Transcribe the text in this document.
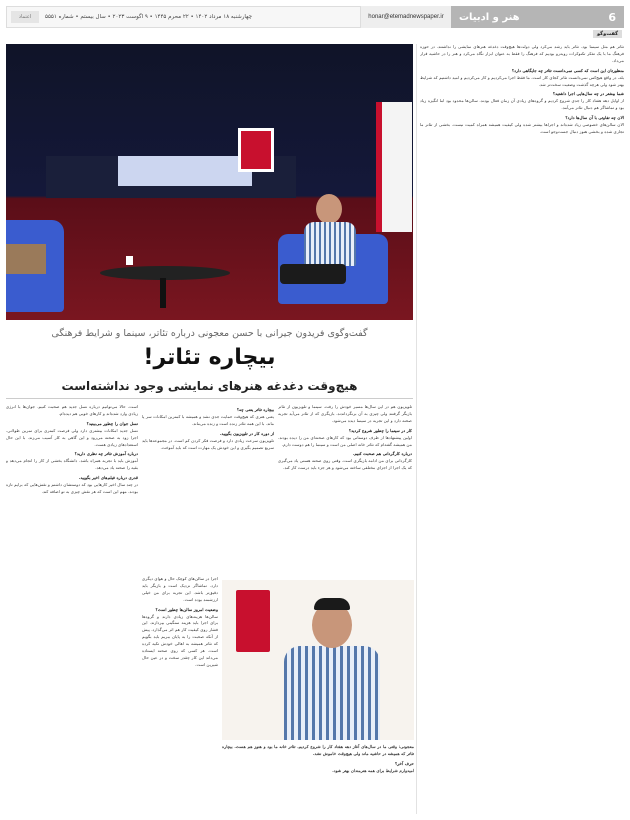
اعتماد	چهارشنبه ۱۸ مرداد ۱۴۰۲ • ۲۲ محرم ۱۴۴۵ • ۹ اگوست ۲۰۲۳ • سال بیستم • شماره ۵۵۵۱	honar@etemadnewspaper.ir	هنر و ادبیات	6
گفت‌وگو
تئاتر هم مثل سینما بود. تئاتر باید رشد می‌کرد ولی دولت‌ها هیچ‌وقت دغدغه هنرهای نمایشی را نداشتند. در حوزه فرهنگ ما با یک تفکر تکنوکرات روبه‌رو بودیم که فرهنگ را فقط به عنوان ابزار نگاه می‌کرد و هنر را در حاشیه قرار می‌داد.
منظورتان این است که کسی نمی‌دانست تئاتر چه جایگاهی دارد؟
بله، در واقع هیچ‌کس نمی‌دانست تئاتر کجای کار است. ما فقط اجرا می‌کردیم و کار می‌کردیم و امید داشتیم که شرایط بهتر شود ولی هرچه گذشت وضعیت سخت‌تر شد.
شما بیشتر در چه سال‌هایی اجرا داشتید؟
از اوایل دهه هفتاد کار را جدی شروع کردیم و گروه‌های زیادی آن زمان فعال بودند. سالن‌ها محدود بود اما انگیزه زیاد بود و تماشاگر هم دنبال تئاتر می‌آمد.
الان چه تفاوتی با آن سال‌ها دارد؟
الان سالن‌های خصوصی زیاد شده‌اند و اجراها بیشتر شده ولی کیفیت همیشه همراه کمیت نیست. بخشی از تئاتر ما تجاری شده و بخشی هنوز دنبال جست‌وجو است.
گفت‌وگوی فریدون جیرانی با حسن معجونی درباره تئاتر، سینما و شرایط فرهنگی
بیچاره تئاتر!
هیچ‌وقت دغدغه هنرهای نمایشی وجود نداشته‌است
تلویزیون هم در این سال‌ها مسیر خودش را رفت. سینما و تلویزیون از تئاتر بازیگر گرفتند ولی چیزی به آن برنگرداندند. بازیگری که از تئاتر می‌آید تجربه صحنه دارد و این تجربه در سینما دیده می‌شود.
کار در سینما را چطور شروع کردید؟
اولین پیشنهادها از طرف دوستانی بود که کارهای صحنه‌ای من را دیده بودند. من همیشه گفته‌ام که تئاتر خانه اصلی من است و سینما را هم دوست دارم.
درباره کارگردانی هم صحبت کنیم.
کارگردانی برای من ادامه بازیگری است. وقتی روی صحنه هستی یاد می‌گیری که یک اجرا از اجزای مختلفی ساخته می‌شود و هر جزء باید درست کار کند.
بیچاره تئاتر یعنی چه؟
یعنی هنری که هیچ‌وقت حمایت جدی نشد و همیشه با کمترین امکانات سر پا ماند. با این همه تئاتر زنده است و زنده می‌ماند.
از دوره کار در تلویزیون بگویید.
تلویزیون سرعت زیادی دارد و فرصت فکر کردن کم است. در مجموعه‌ها باید سریع تصمیم بگیری و این خودش یک مهارت است که باید آموخت.
است. حالا می‌توانیم درباره نسل جدید هم صحبت کنیم. جوان‌ها با انرژی زیادی وارد شده‌اند و کارهای خوبی هم دیده‌ام.
نسل جوان را چطور می‌بینید؟
نسل جدید امکانات بیشتری دارد ولی فرصت کمتری برای تمرین طولانی. اجرا زود به صحنه می‌رود و این گاهی به کار آسیب می‌زند. با این حال استعدادهای زیادی هست.
درباره آموزش تئاتر چه نظری دارید؟
آموزش باید با تجربه همراه باشد. دانشگاه بخشی از کار را انجام می‌دهد و بقیه را صحنه یاد می‌دهد.
قدری درباره فیلم‌های اخیر بگویید.
در چند سال اخیر کارهایی بود که دوستشان داشتم و نقش‌هایی که برایم تازه بودند. مهم این است که هر نقش چیزی به تو اضافه کند.
اجرا در سالن‌های کوچک حال و هوای دیگری دارد. تماشاگر نزدیک است و بازیگر باید دقیق‌تر باشد. این تجربه برای من خیلی ارزشمند بوده است.
وضعیت امروز سالن‌ها چطور است؟
سالن‌ها هزینه‌های زیادی دارند و گروه‌ها برای اجرا باید هزینه سنگینی بپردازند. این فشار روی کیفیت کار هم اثر می‌گذارد. پیش از آنکه صحبت را به پایان ببریم باید بگویم که تئاتر همیشه به اهالی خودش تکیه کرده است. هر کسی که روی صحنه ایستاده می‌داند این کار چقدر سخت و در عین حال شیرین است.
معجونی: وقتی ما در سال‌های آغاز دهه هفتاد کار را شروع کردیم، تئاتر خانه ما بود و هنوز هم هست. بیچاره تئاتر که همیشه در حاشیه ماند ولی هیچ‌وقت خاموش نشد.
حرف آخر؟
امیدوارم شرایط برای همه هنرمندان بهتر شود.
